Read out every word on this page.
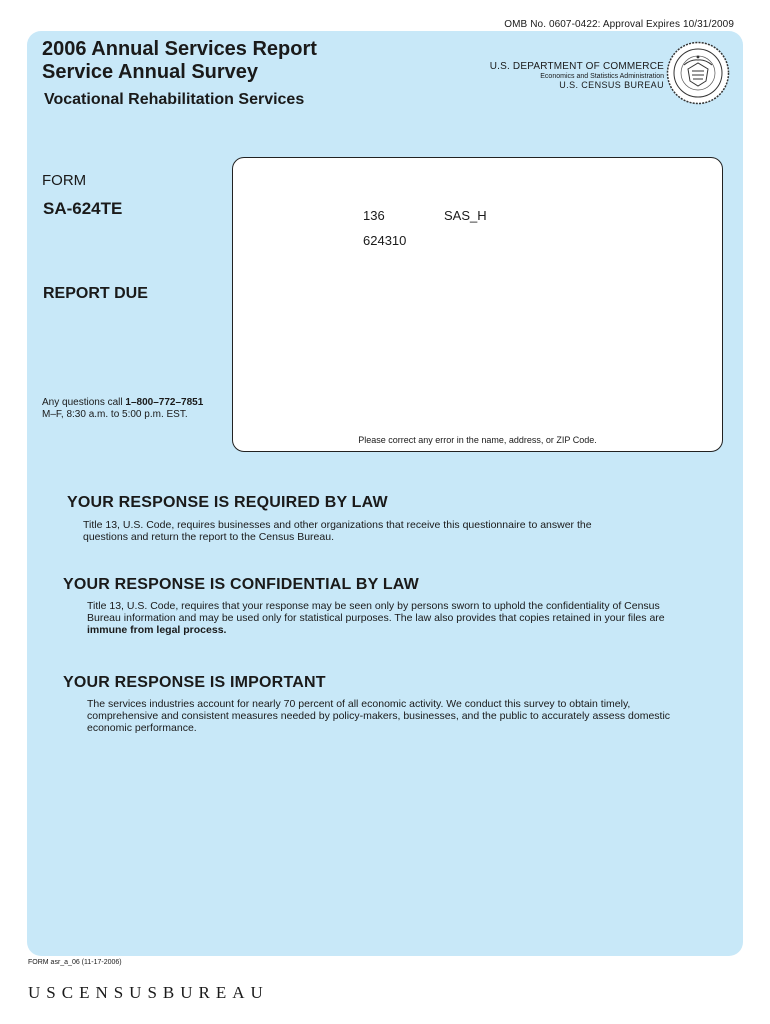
OMB No. 0607-0422: Approval Expires 10/31/2009
2006 Annual Services Report
Service Annual Survey
Vocational Rehabilitation Services
U.S. DEPARTMENT OF COMMERCE
Economics and Statistics Administration
U.S. CENSUS BUREAU
FORM
SA-624TE
REPORT DUE
Any questions call 1–800–772–7851
M–F, 8:30 a.m. to 5:00 p.m. EST.
136	SAS_H
624310
Please correct any error in the name, address, or ZIP Code.
YOUR RESPONSE IS REQUIRED BY LAW
Title 13, U.S. Code, requires businesses and other organizations that receive this questionnaire to answer the
questions and return the report to the Census Bureau.
YOUR RESPONSE IS CONFIDENTIAL BY LAW
Title 13, U.S. Code, requires that your response may be seen only by persons sworn to uphold the confidentiality of Census
Bureau information and may be used only for statistical purposes. The law also provides that copies retained in your files are
immune from legal process.
YOUR RESPONSE IS IMPORTANT
The services industries account for nearly 70 percent of all economic activity. We conduct this survey to obtain timely,
comprehensive and consistent measures needed by policy-makers, businesses, and the public to accurately assess domestic
economic performance.
FORM asr_a_06 (11-17-2006)
USCENSUSBUREAU
